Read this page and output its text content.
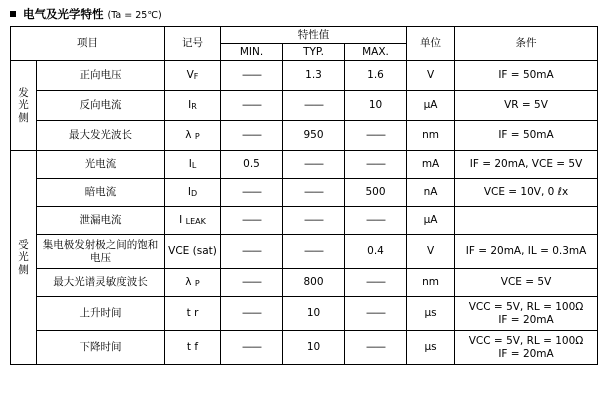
电气及光学特性 (Ta = 25℃)
项目		记号	特性值			单位	条件
			MIN.	TYP.	MAX.		

发
光
侧	正向电压	VF	——	1.3	1.6	V	IF = 50mA
	反向电流	IR	——	——	10	μA	VR = 5V
	最大发光波长	λ P	——	950	——	nm	IF = 50mA

受
光
侧	光电流	IL	0.5	——	——	mA	IF = 20mA, VCE = 5V
	暗电流	ID	——	——	500	nA	VCE = 10V, 0 ℓx
	泄漏电流	I LEAK	——	——	——	μA	
	集电极发射极之间的饱和电压	VCE (sat)	——	——	0.4	V	IF = 20mA, IL = 0.3mA
	最大光谱灵敏度波长	λ P	——	800	——	nm	VCE = 5V
	上升时间	t r	——	10	——	μs	VCC = 5V, RL = 100Ω
IF = 20mA

	下降时间	t f	——	10	——	μs	VCC = 5V, RL = 100Ω
IF = 20mA
